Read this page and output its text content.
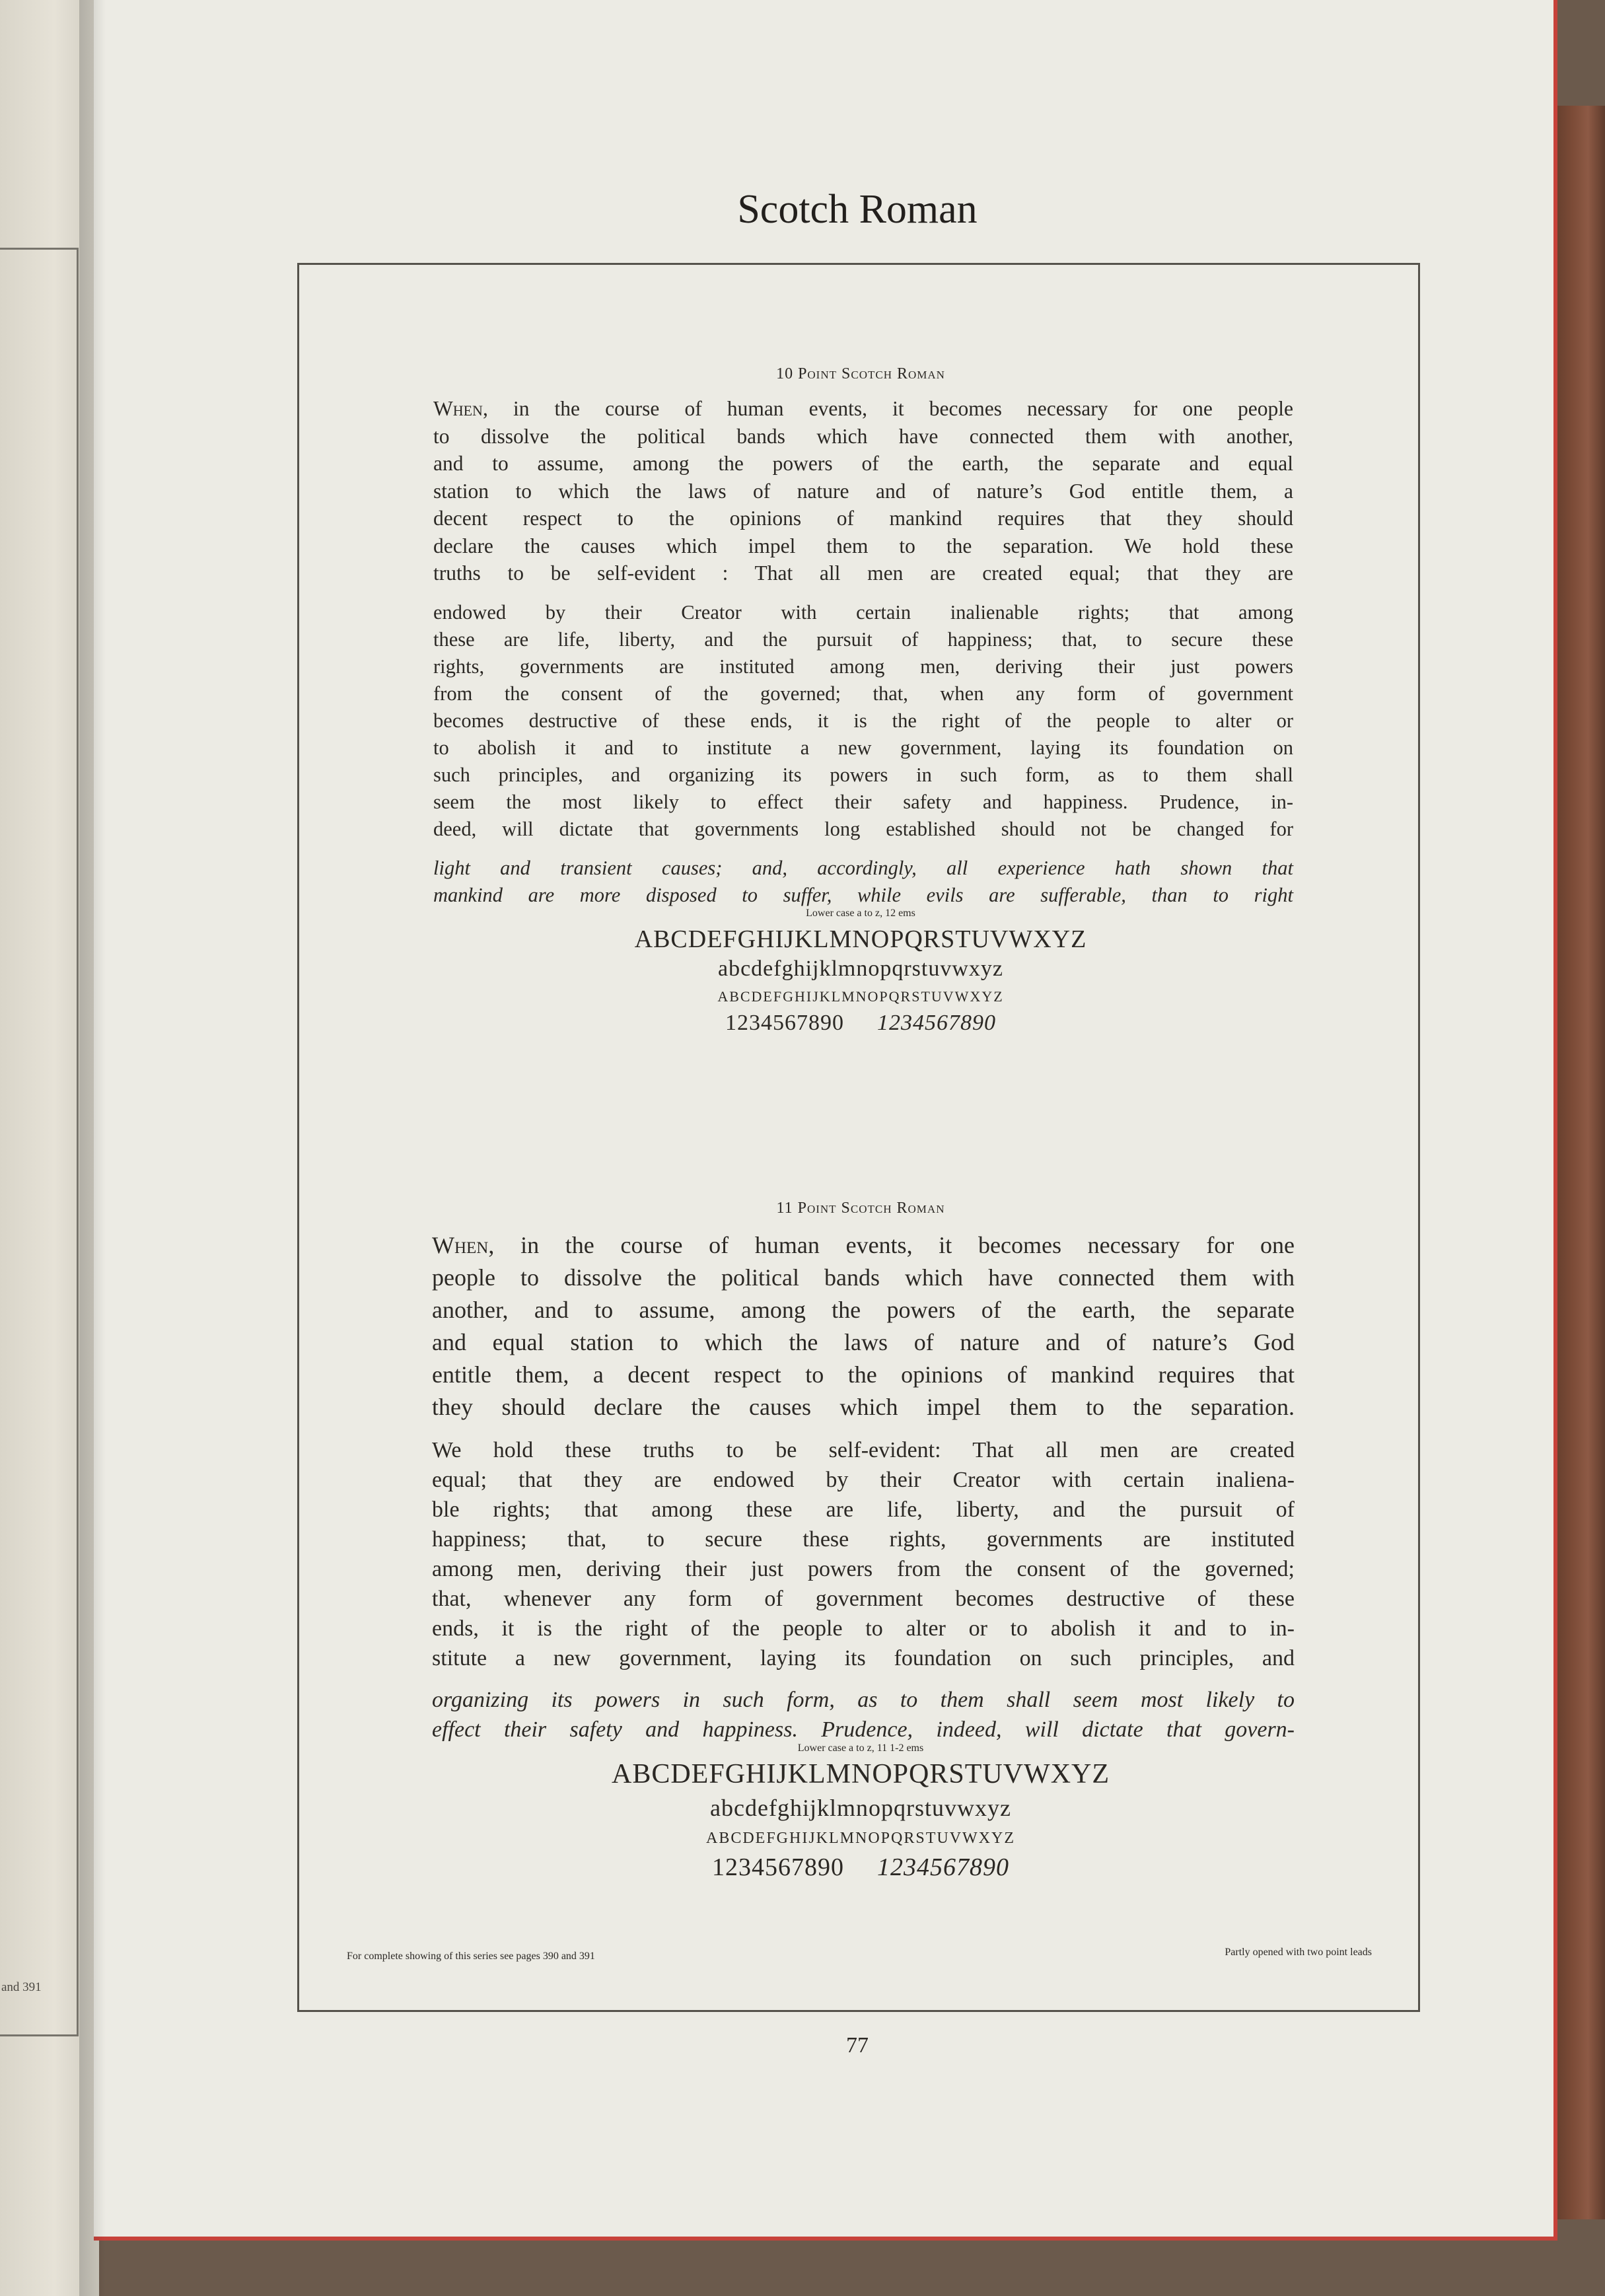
and 391
Scotch Roman

10 Point Scotch Roman

When, in the course of human events, it becomes necessary for one people
to dissolve the political bands which have connected them with another,
and to assume, among the powers of the earth, the separate and equal
station to which the laws of nature and of nature’s God entitle them, a
decent respect to the opinions of mankind requires that they should
declare the causes which impel them to the separation. We hold these
truths to be self-evident : That all men are created equal; that they are
endowed by their Creator with certain inalienable rights; that among
these are life, liberty, and the pursuit of happiness; that, to secure these
rights, governments are instituted among men, deriving their just powers
from the consent of the governed; that, when any form of government
becomes destructive of these ends, it is the right of the people to alter or
to abolish it and to institute a new government, laying its foundation on
such principles, and organizing its powers in such form, as to them shall
seem the most likely to effect their safety and happiness. Prudence, in-
deed, will dictate that governments long established should not be changed for
light and transient causes; and, accordingly, all experience hath shown that
mankind are more disposed to suffer, while evils are sufferable, than to right

Lower case a to z, 12 ems

ABCDEFGHIJKLMNOPQRSTUVWXYZ

abcdefghijklmnopqrstuvwxyz

ABCDEFGHIJKLMNOPQRSTUVWXYZ

1234567890 1234567890

11 Point Scotch Roman

When, in the course of human events, it becomes necessary for one
people to dissolve the political bands which have connected them with
another, and to assume, among the powers of the earth, the separate
and equal station to which the laws of nature and of nature’s God
entitle them, a decent respect to the opinions of mankind requires that
they should declare the causes which impel them to the separation.
We hold these truths to be self-evident: That all men are created
equal; that they are endowed by their Creator with certain inaliena-
ble rights; that among these are life, liberty, and the pursuit of
happiness; that, to secure these rights, governments are instituted
among men, deriving their just powers from the consent of the governed;
that, whenever any form of government becomes destructive of these
ends, it is the right of the people to alter or to abolish it and to in-
stitute a new government, laying its foundation on such principles, and
organizing its powers in such form, as to them shall seem most likely to
effect their safety and happiness. Prudence, indeed, will dictate that govern-

Lower case a to z, 11 1-2 ems

ABCDEFGHIJKLMNOPQRSTUVWXYZ

abcdefghijklmnopqrstuvwxyz

ABCDEFGHIJKLMNOPQRSTUVWXYZ

1234567890 1234567890

For complete showing of this series see pages 390 and 391	Partly opened with two point leads
77
